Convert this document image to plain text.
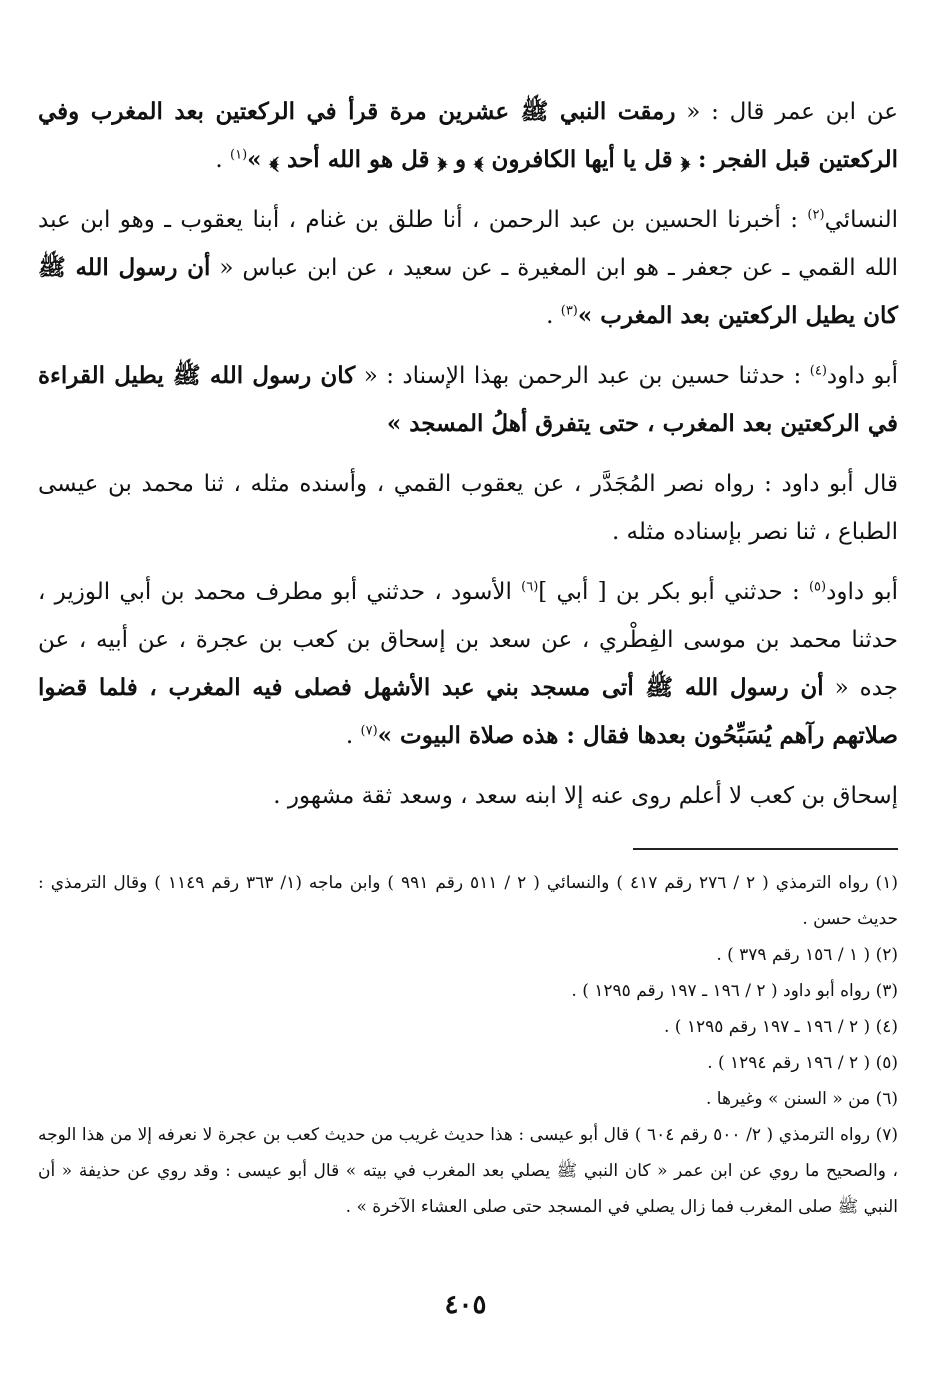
عن ابن عمر قال : « رمقت النبي ﷺ عشرين مرة قرأ في الركعتين بعد المغرب وفي الركعتين قبل الفجر : ﴿ قل يا أيها الكافرون ﴾ و ﴿ قل هو الله أحد ﴾ »$^{(١)}$ .

النسائي$^{(٢)}$ : أخبرنا الحسين بن عبد الرحمن ، أنا طلق بن غنام ، أبنا يعقوب ـ وهو ابن عبد الله القمي ـ عن جعفر ـ هو ابن المغيرة ـ عن سعيد ، عن ابن عباس « أن رسول الله ﷺ كان يطيل الركعتين بعد المغرب »$^{(٣)}$ .

أبو داود$^{(٤)}$ : حدثنا حسين بن عبد الرحمن بهذا الإسناد : « كان رسول الله ﷺ يطيل القراءة في الركعتين بعد المغرب ، حتى يتفرق أهلُ المسجد »

قال أبو داود : رواه نصر المُجَدَّر ، عن يعقوب القمي ، وأسنده مثله ، ثنا محمد بن عيسى الطباع ، ثنا نصر بإسناده مثله .

أبو داود$^{(٥)}$ : حدثني أبو بكر بن [ أبي ]$^{(٦)}$ الأسود ، حدثني أبو مطرف محمد بن أبي الوزير ، حدثنا محمد بن موسى الفِطْري ، عن سعد بن إسحاق بن كعب بن عجرة ، عن أبيه ، عن جده « أن رسول الله ﷺ أتى مسجد بني عبد الأشهل فصلى فيه المغرب ، فلما قضوا صلاتهم رآهم يُسَبِّحُون بعدها فقال : هذه صلاة البيوت »$^{(٧)}$ .

إسحاق بن كعب لا أعلم روى عنه إلا ابنه سعد ، وسعد ثقة مشهور .

(١) رواه الترمذي ( ٢ / ٢٧٦ رقم ٤١٧ ) والنسائي ( ٢ / ٥١١ رقم ٩٩١ ) وابن ماجه (١/ ٣٦٣ رقم ١١٤٩ ) وقال الترمذي : حديث حسن .

(٢) ( ١ / ١٥٦ رقم ٣٧٩ ) .

(٣) رواه أبو داود ( ٢ / ١٩٦ ـ ١٩٧ رقم ١٢٩٥ ) .

(٤) ( ٢ / ١٩٦ ـ ١٩٧ رقم ١٢٩٥ ) .

(٥) ( ٢ / ١٩٦ رقم ١٢٩٤ ) .

(٦) من « السنن » وغيرها .

(٧) رواه الترمذي ( ٢/ ٥٠٠ رقم ٦٠٤ ) قال أبو عيسى : هذا حديث غريب من حديث كعب بن عجرة لا نعرفه إلا من هذا الوجه ، والصحيح ما روي عن ابن عمر « كان النبي ﷺ يصلي بعد المغرب في بيته » قال أبو عيسى : وقد روي عن حذيفة « أن النبي ﷺ صلى المغرب فما زال يصلي في المسجد حتى صلى العشاء الآخرة » .

٤٠٥
